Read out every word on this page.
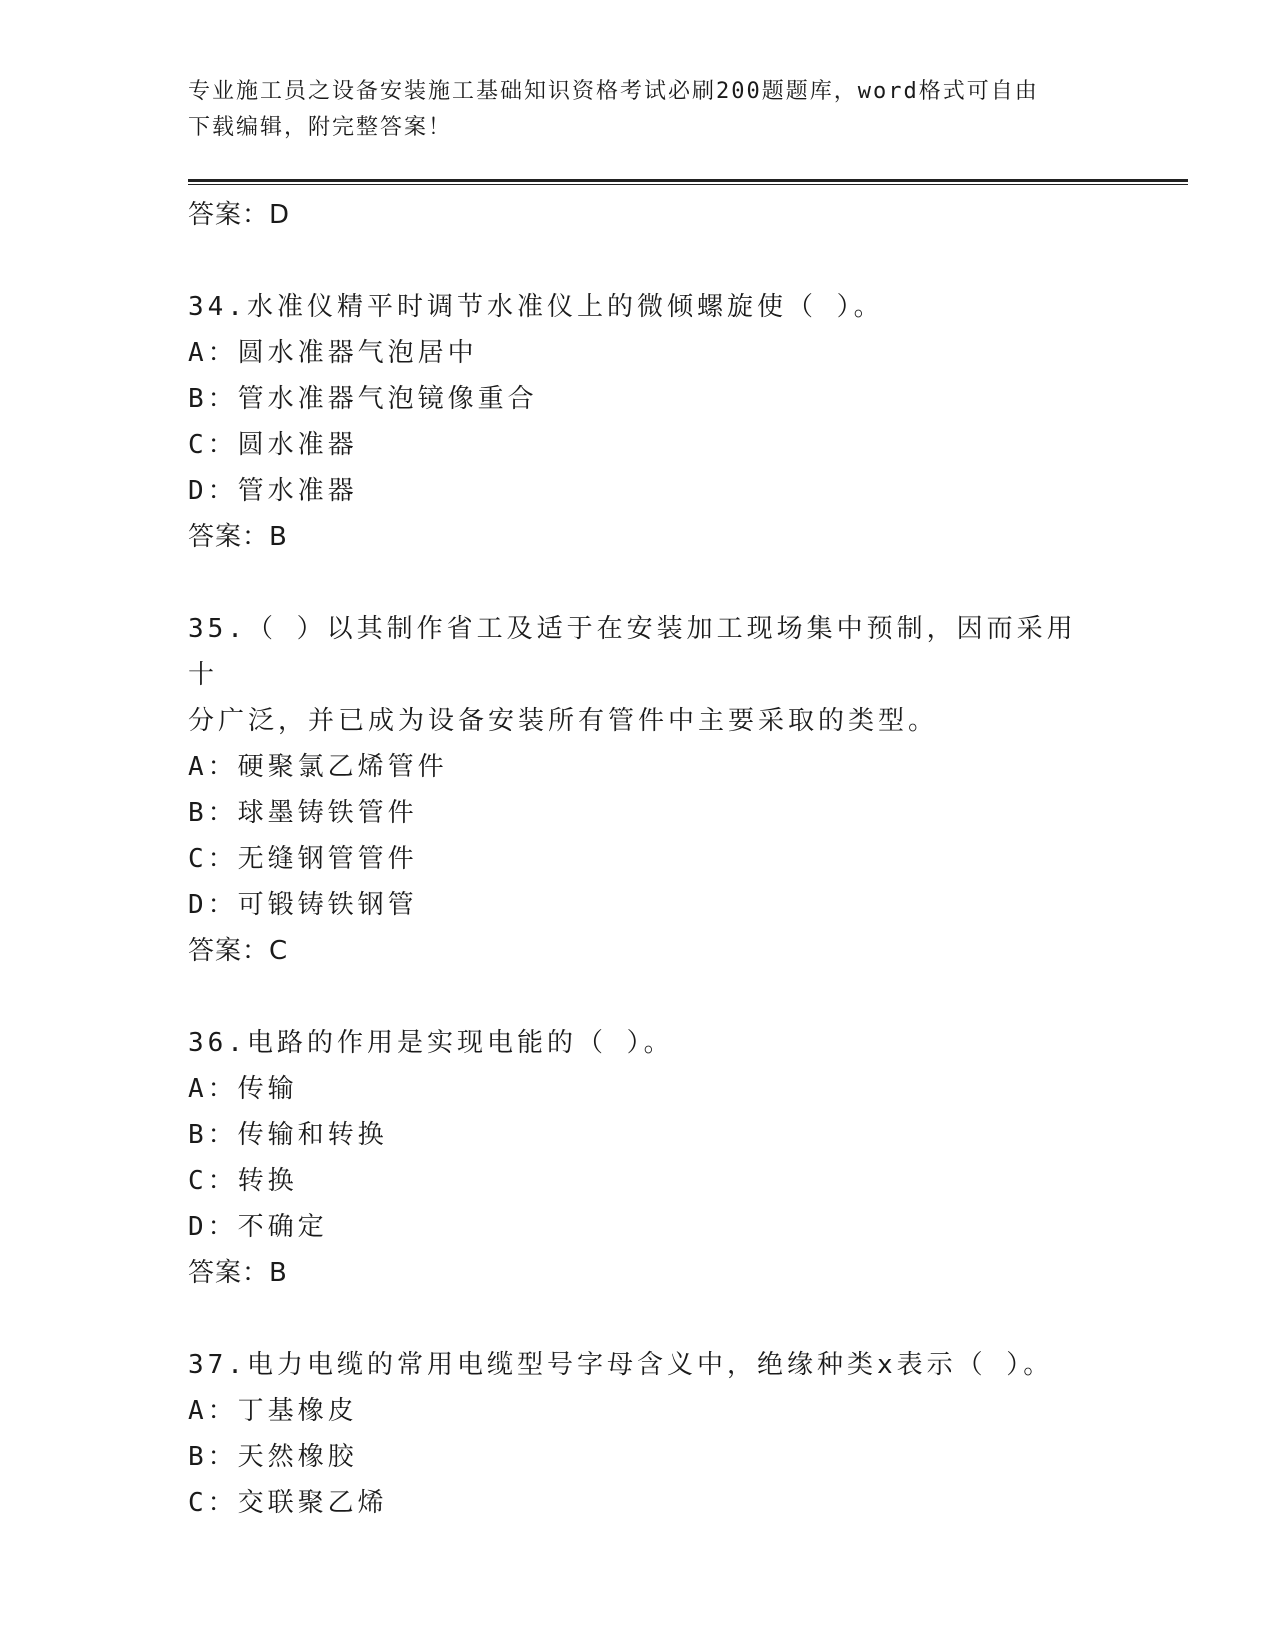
专业施工员之设备安装施工基础知识资格考试必刷200题题库，word格式可自由
下载编辑，附完整答案！
答案：D
34.水准仪精平时调节水准仪上的微倾螺旋使（ ）。
A：圆水准器气泡居中
B：管水准器气泡镜像重合
C：圆水准器
D：管水准器
答案：B
35.（ ）以其制作省工及适于在安装加工现场集中预制，因而采用十
分广泛，并已成为设备安装所有管件中主要采取的类型。
A：硬聚氯乙烯管件
B：球墨铸铁管件
C：无缝钢管管件
D：可锻铸铁钢管
答案：C
36.电路的作用是实现电能的（ ）。
A：传输
B：传输和转换
C：转换
D：不确定
答案：B
37.电力电缆的常用电缆型号字母含义中，绝缘种类x表示（ ）。
A：丁基橡皮
B：天然橡胶
C：交联聚乙烯
